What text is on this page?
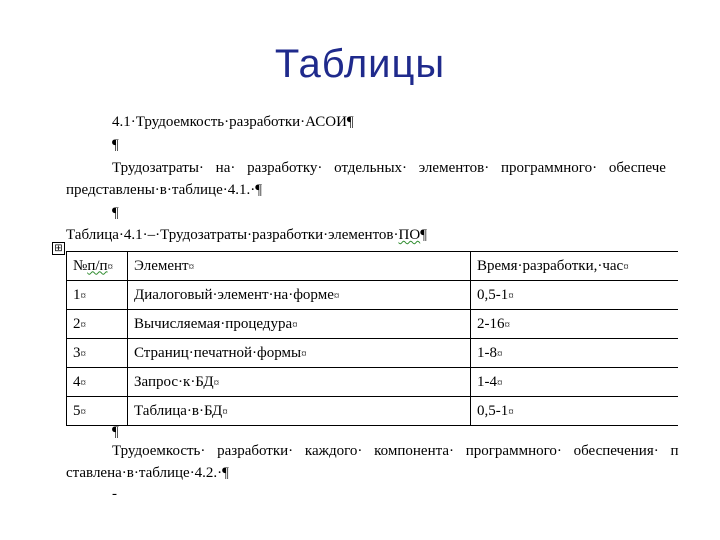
Таблицы
4.1·Трудоемкость·разработки·АСОИ¶
¶
Трудозатраты· на· разработку· отдельных· элементов· программного· обеспече
представлены·в·таблице·4.1.·¶
¶
Таблица·4.1·–·Трудозатраты·разработки·элементов·ПО¶
⊞
№п/п¤	Элемент¤	Время·разработки,·час¤
1¤	Диалоговый·элемент·на·форме¤	0,5-1¤
2¤	Вычисляемая·процедура¤	2-16¤
3¤	Страниц·печатной·формы¤	1-8¤
4¤	Запрос·к·БД¤	1-4¤
5¤	Таблица·в·БД¤	0,5-1¤
¶
Трудоемкость· разработки· каждого· компонента· программного· обеспечения· п
ставлена·в·таблице·4.2.·¶
-
